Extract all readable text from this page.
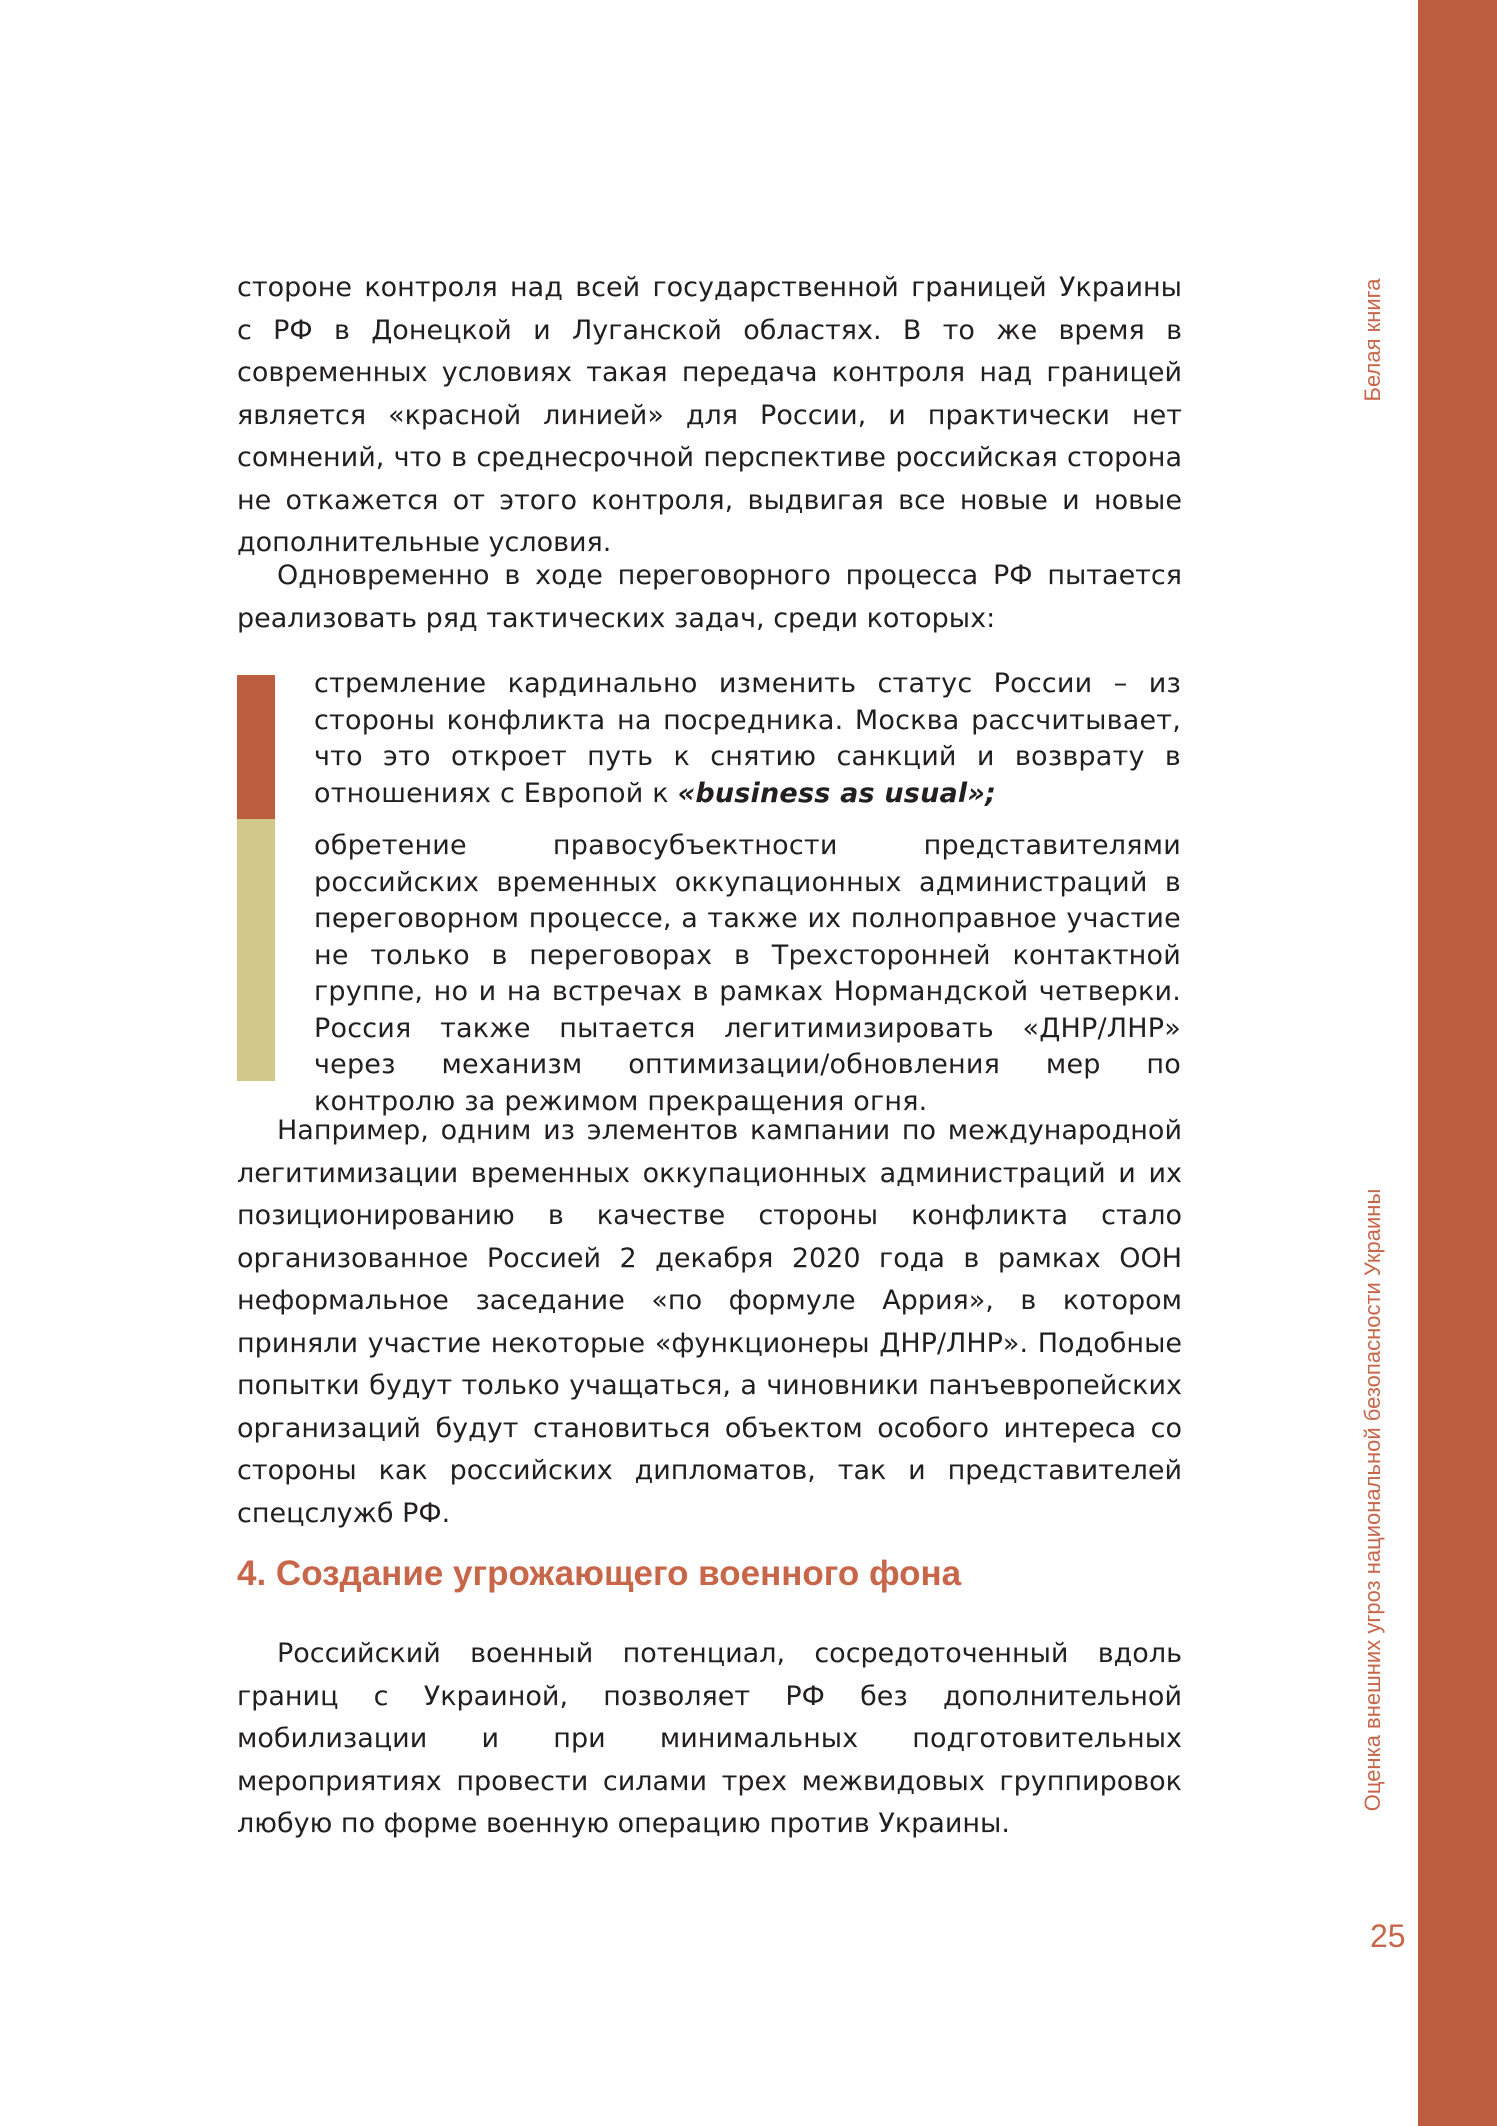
Белая книга
Оценка внешних угроз национальной безопасности Украины
25

стороне контроля над всей государственной границей Украины с РФ в Донецкой и Луганской областях. В то же время в современных условиях такая передача контроля над границей является «красной линией» для России, и практически нет сомнений, что в среднесрочной перспективе российская сторона не откажется от этого контроля, выдвигая все новые и новые дополнительные условия.

Одновременно в ходе переговорного процесса РФ пытается реализовать ряд тактических задач, среди которых:

стремление кардинально изменить статус России – из стороны конфликта на посредника. Москва рассчитывает, что это откроет путь к снятию санкций и возврату в отношениях с Европой к «business as usual»;
обретение правосубъектности представителями российских временных оккупационных администраций в переговорном процессе, а также их полноправное участие не только в переговорах в Трехсторонней контактной группе, но и на встречах в рамках Нормандской четверки. Россия также пытается легитимизировать «ДНР/ЛНР» через механизм оптимизации/обновления мер по контролю за режимом прекращения огня.

Например, одним из элементов кампании по международной легитимизации временных оккупационных администраций и их позиционированию в качестве стороны конфликта стало организованное Россией 2 декабря 2020 года в рамках ООН неформальное заседание «по формуле Аррия», в котором приняли участие некоторые «функционеры ДНР/ЛНР». Подобные попытки будут только учащаться, а чиновники панъевропейских организаций будут становиться объектом особого интереса со стороны как российских дипломатов, так и представителей спецслужб РФ.

4. Создание угрожающего военного фона

Российский военный потенциал, сосредоточенный вдоль границ с Украиной, позволяет РФ без дополнительной мобилизации и при минимальных подготовительных мероприятиях провести силами трех межвидовых группировок любую по форме военную операцию против Украины.
